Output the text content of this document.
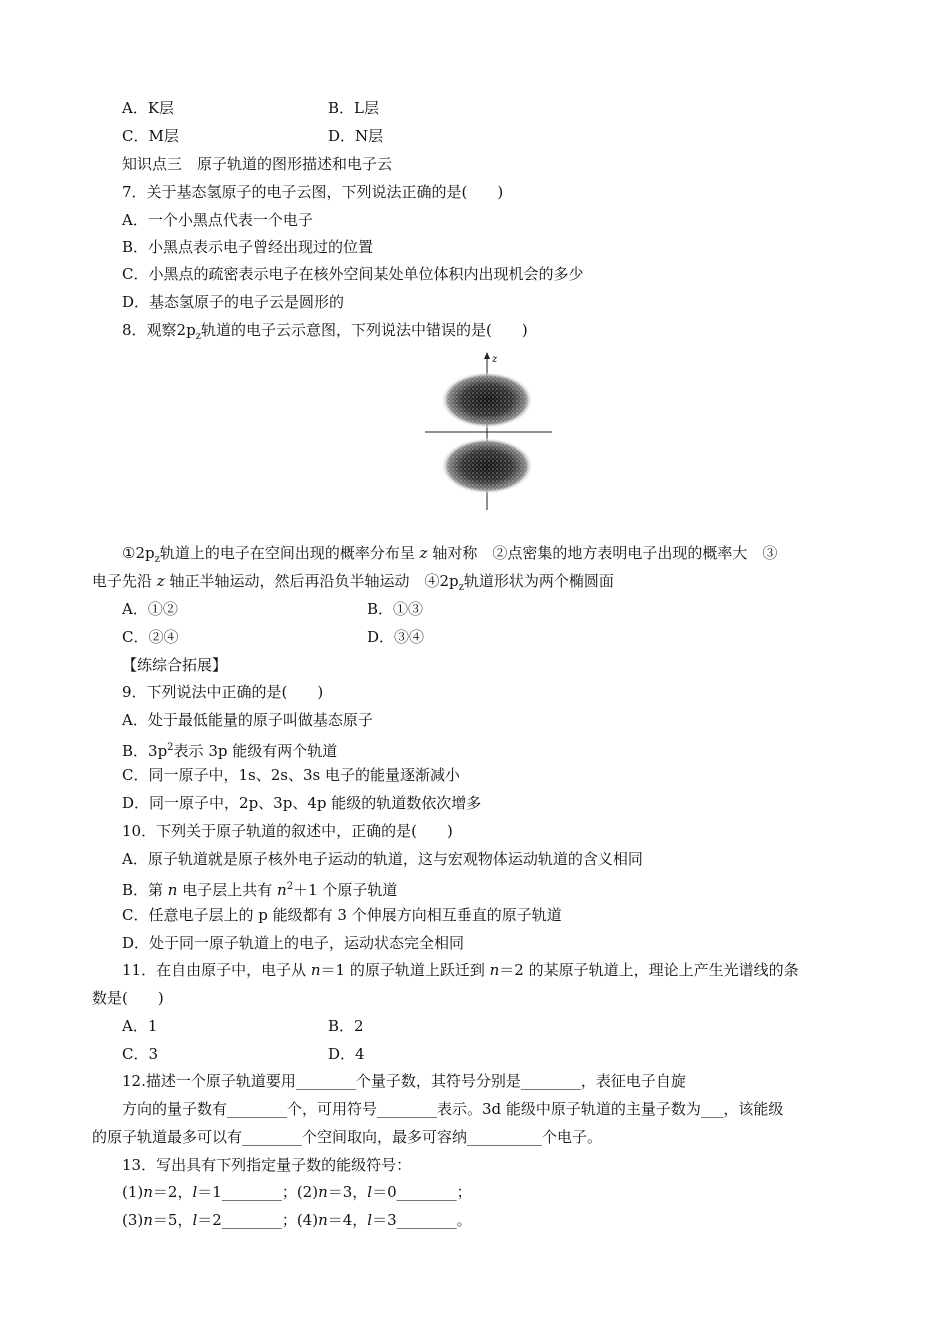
A．K层	B．L层
C．M层	D．N层
知识点三　原子轨道的图形描述和电子云
7．关于基态氢原子的电子云图，下列说法正确的是(　　)
A．一个小黑点代表一个电子
B．小黑点表示电子曾经出现过的位置
C．小黑点的疏密表示电子在核外空间某处单位体积内出现机会的多少
D．基态氢原子的电子云是圆形的
8．观察$2p_z$轨道的电子云示意图，下列说法中错误的是(　　)
z
$①2p_z$轨道上的电子在空间出现的概率分布呈 z 轴对称　②点密集的地方表明电子出现的概率大　③
电子先沿 z 轴正半轴运动，然后再沿负半轴运动　$④2p_z$轨道形状为两个椭圆面
A．①②	B．①③
C．②④	D．③④
【练综合拓展】
9．下列说法中正确的是(　　)
A．处于最低能量的原子叫做基态原子
B．$3p^2$表示 3p 能级有两个轨道
C．同一原子中，1s、2s、3s 电子的能量逐渐减小
D．同一原子中，2p、3p、4p 能级的轨道数依次增多
10．下列关于原子轨道的叙述中，正确的是(　　)
A．原子轨道就是原子核外电子运动的轨道，这与宏观物体运动轨道的含义相同
B．第 n 电子层上共有 $n^2+1$ 个原子轨道
C．任意电子层上的 p 能级都有 3 个伸展方向相互垂直的原子轨道
D．处于同一原子轨道上的电子，运动状态完全相同
11．在自由原子中，电子从 n＝1 的原子轨道上跃迁到 n＝2 的某原子轨道上，理论上产生光谱线的条
数是(　　)
A．1	B．2
C．3	D．4
12.描述一个原子轨道要用________个量子数，其符号分别是________，表征电子自旋
方向的量子数有________个，可用符号________表示。3d 能级中原子轨道的主量子数为___，该能级
的原子轨道最多可以有________个空间取向，最多可容纳__________个电子。
13．写出具有下列指定量子数的能级符号：
(1)n＝2，l＝1________；(2)n＝3，l＝0________；
(3)n＝5，l＝2________；(4)n＝4，l＝3________。
